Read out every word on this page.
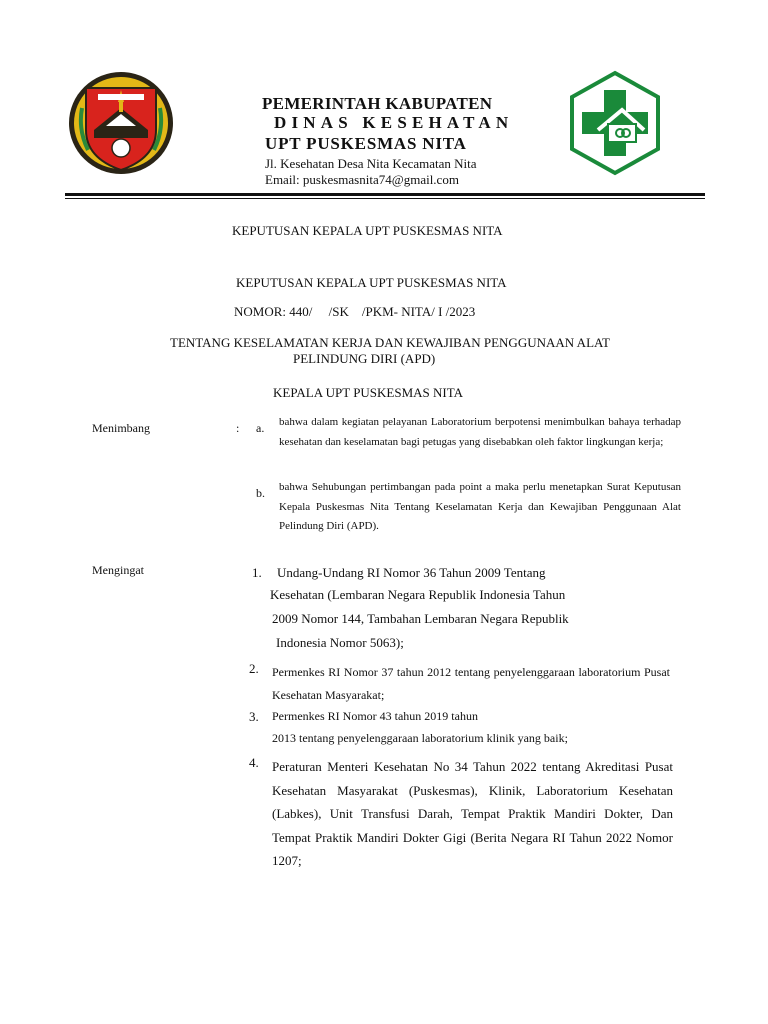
PEMERINTAH KABUPATEN
DINAS KESEHATAN
UPT PUSKESMAS NITA
Jl. Kesehatan Desa Nita Kecamatan Nita
Email: puskesmasnita74@gmail.com
KEPUTUSAN KEPALA UPT PUSKESMAS NITA
KEPUTUSAN KEPALA UPT PUSKESMAS NITA
NOMOR: 440/     /SK    /PKM- NITA/ I /2023
TENTANG KESELAMATAN KERJA DAN KEWAJIBAN PENGGUNAAN ALAT
PELINDUNG DIRI (APD)
KEPALA UPT PUSKESMAS NITA
Menimbang	: a. bahwa dalam kegiatan pelayanan Laboratorium berpotensi menimbulkan bahaya terhadap kesehatan dan keselamatan bagi petugas yang disebabkan oleh faktor lingkungan kerja;
b. bahwa Sehubungan pertimbangan pada point a maka perlu menetapkan Surat Keputusan Kepala Puskesmas Nita Tentang Keselamatan Kerja dan Kewajiban Penggunaan Alat Pelindung Diri (APD).
Mengingat	1. Undang-Undang RI Nomor 36 Tahun 2009 Tentang
Kesehatan (Lembaran Negara Republik Indonesia Tahun
2009 Nomor 144, Tambahan Lembaran Negara Republik
Indonesia Nomor 5063);
2. Permenkes RI Nomor 37 tahun 2012 tentang penyelenggaraan laboratorium Pusat Kesehatan Masyarakat;
3. Permenkes RI Nomor 43 tahun 2019 tahun
2013 tentang penyelenggaraan laboratorium klinik yang baik;
4. Peraturan Menteri Kesehatan No 34 Tahun 2022 tentang Akreditasi Pusat Kesehatan Masyarakat (Puskesmas), Klinik, Laboratorium Kesehatan (Labkes), Unit Transfusi Darah, Tempat Praktik Mandiri Dokter, Dan Tempat Praktik Mandiri Dokter Gigi (Berita Negara RI Tahun 2022 Nomor 1207;
